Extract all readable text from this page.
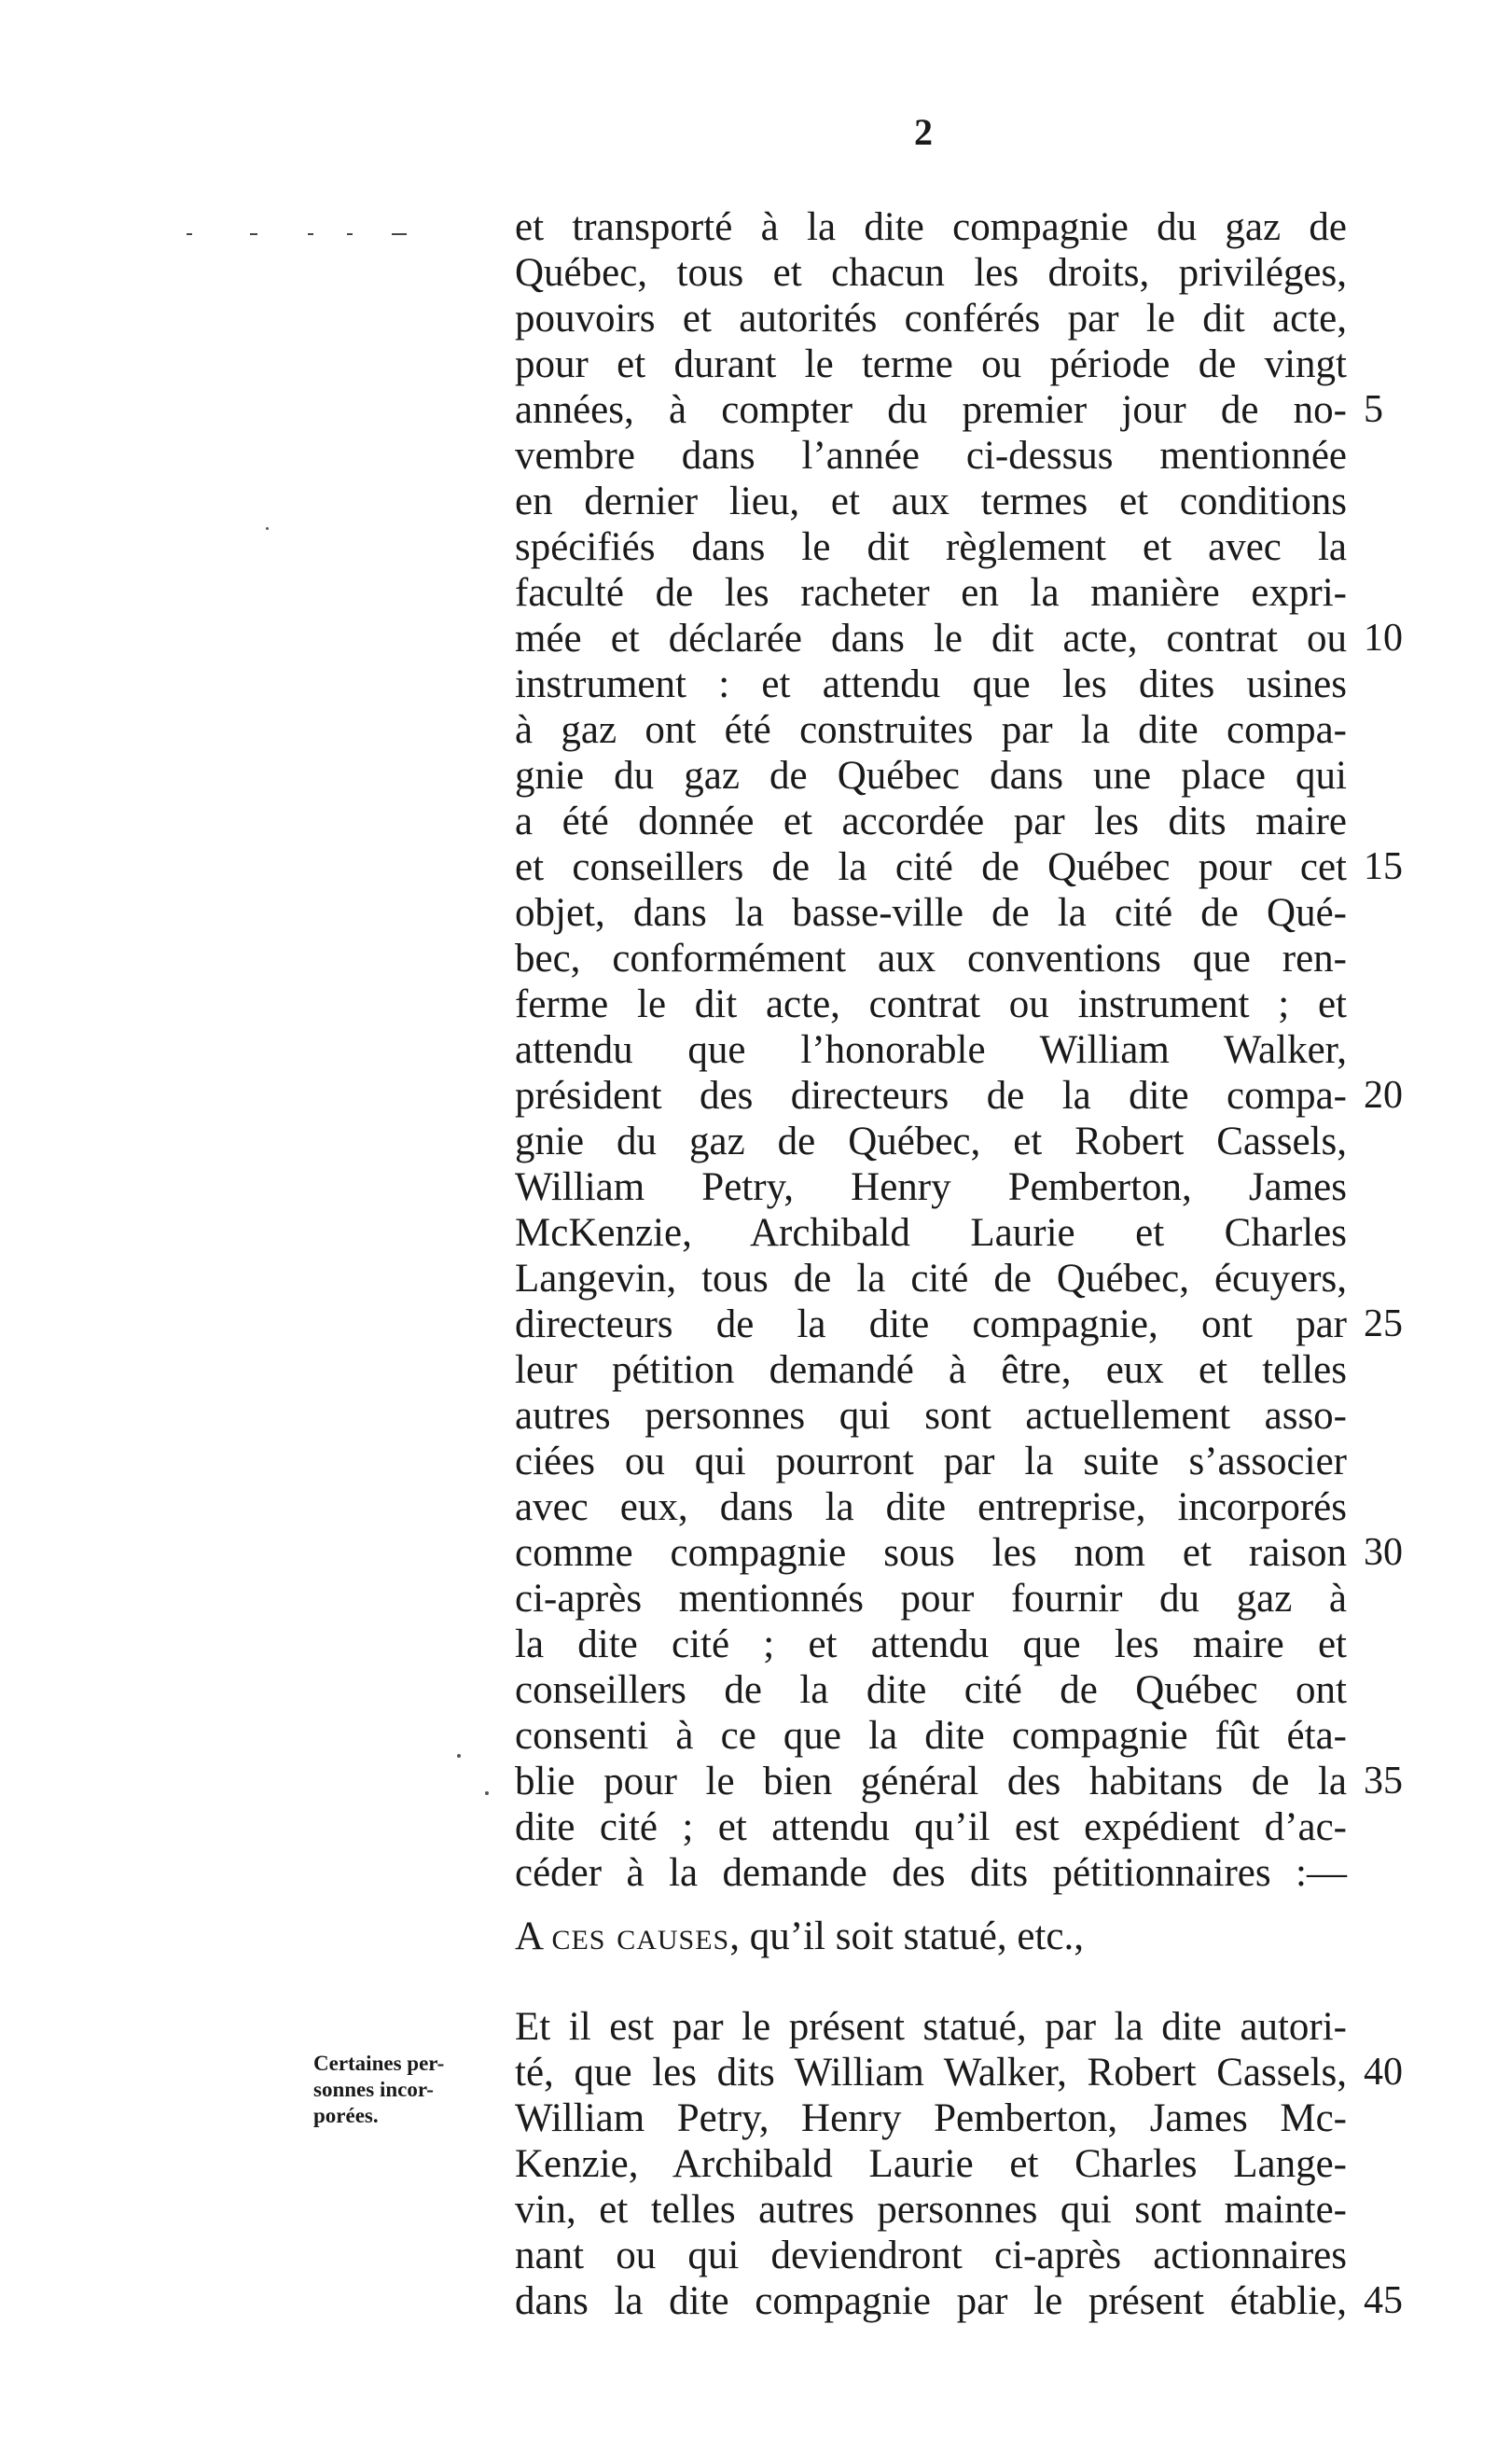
2
et transporté à la dite compagnie du gaz de
Québec, tous et chacun les droits, priviléges,
pouvoirs et autorités conférés par le dit acte,
pour et durant le terme ou période de vingt
années, à compter du premier jour de no-
vembre dans l’année ci-dessus mentionnée
en dernier lieu, et aux termes et conditions
spécifiés dans le dit règlement et avec la
faculté de les racheter en la manière expri-
mée et déclarée dans le dit acte, contrat ou
instrument : et attendu que les dites usines
à gaz ont été construites par la dite compa-
gnie du gaz de Québec dans une place qui
a été donnée et accordée par les dits maire
et conseillers de la cité de Québec pour cet
objet, dans la basse-ville de la cité de Qué-
bec, conformément aux conventions que ren-
ferme le dit acte, contrat ou instrument ; et
attendu que l’honorable William Walker,
président des directeurs de la dite compa-
gnie du gaz de Québec, et Robert Cassels,
William Petry, Henry Pemberton, James
McKenzie, Archibald Laurie et Charles
Langevin, tous de la cité de Québec, écuyers,
directeurs de la dite compagnie, ont par
leur pétition demandé à être, eux et telles
autres personnes qui sont actuellement asso-
ciées ou qui pourront par la suite s’associer
avec eux, dans la dite entreprise, incorporés
comme compagnie sous les nom et raison
ci-après mentionnés pour fournir du gaz à
la dite cité ; et attendu que les maire et
conseillers de la dite cité de Québec ont
consenti à ce que la dite compagnie fût éta-
blie pour le bien général des habitans de la
dite cité ; et attendu qu’il est expédient d’ac-
céder à la demande des dits pétitionnaires :—
A ces causes, qu’il soit statué, etc.,
Et il est par le présent statué, par la dite autori-
té, que les dits William Walker, Robert Cassels,
William Petry, Henry Pemberton, James Mc-
Kenzie, Archibald Laurie et Charles Lange-
vin, et telles autres personnes qui sont mainte-
nant ou qui deviendront ci-après actionnaires
dans la dite compagnie par le présent établie,
Certaines per-
sonnes incor-
porées.
5
10
15
20
25
30
35
40
45
